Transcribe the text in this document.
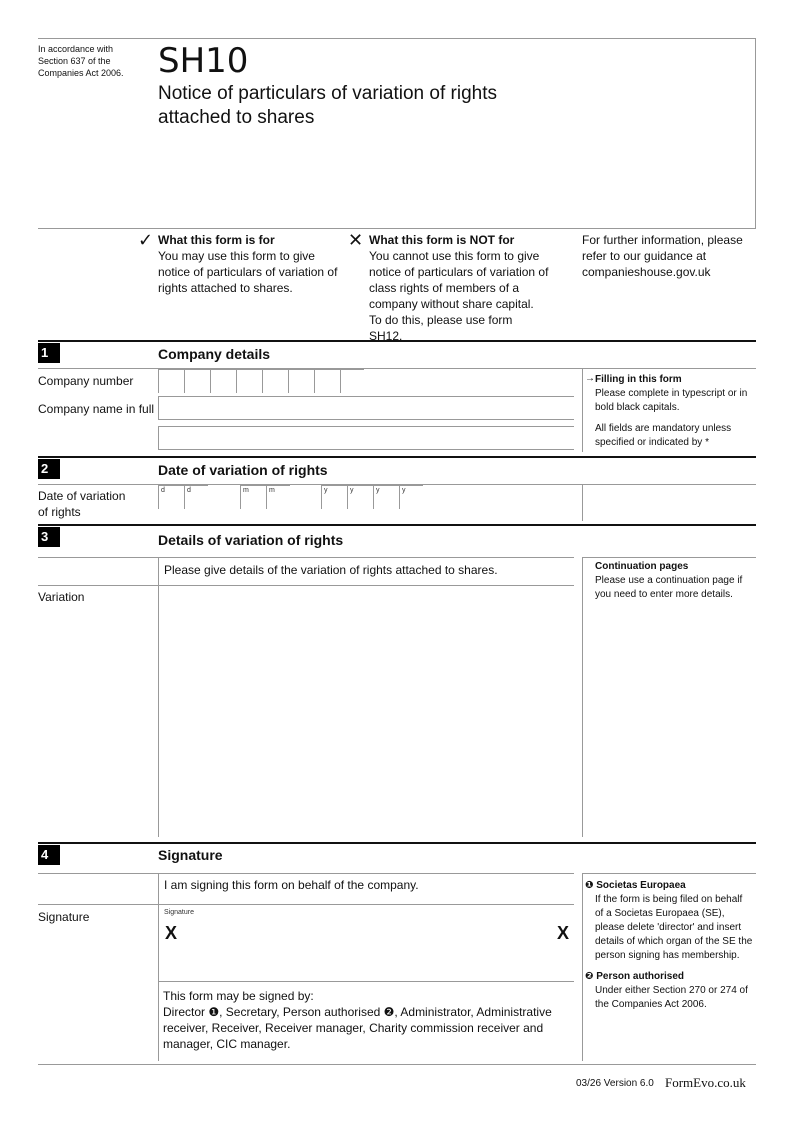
In accordance with Section 637 of the Companies Act 2006. SH10
Notice of particulars of variation of rights
attached to shares
✓ What this form is for
You may use this form to give notice of particulars of variation of rights attached to shares.
✕ What this form is NOT for
You cannot use this form to give notice of particulars of variation of class rights of members of a company without share capital. To do this, please use form SH12.
For further information, please refer to our guidance at companieshouse.gov.uk
1	Company details
Company number
Company name in full
→ Filling in this form
Please complete in typescript or in bold black capitals.
All fields are mandatory unless specified or indicated by *
2	Date of variation of rights
Date of variation of rights
d	d	m	m	y	y	y	y
3	Details of variation of rights
Please give details of the variation of rights attached to shares.
Variation
Continuation pages
Please use a continuation page if you need to enter more details.
4	Signature
I am signing this form on behalf of the company.
Signature	Signature
X	X
This form may be signed by:
Director ❶, Secretary, Person authorised ❷, Administrator, Administrative receiver, Receiver, Receiver manager, Charity commission receiver and manager, CIC manager.
❶ Societas Europaea
If the form is being filed on behalf of a Societas Europaea (SE), please delete 'director' and insert details of which organ of the SE the person signing has membership.
❷ Person authorised
Under either Section 270 or 274 of the Companies Act 2006.
03/26 Version 6.0 FormEvo.co.uk
